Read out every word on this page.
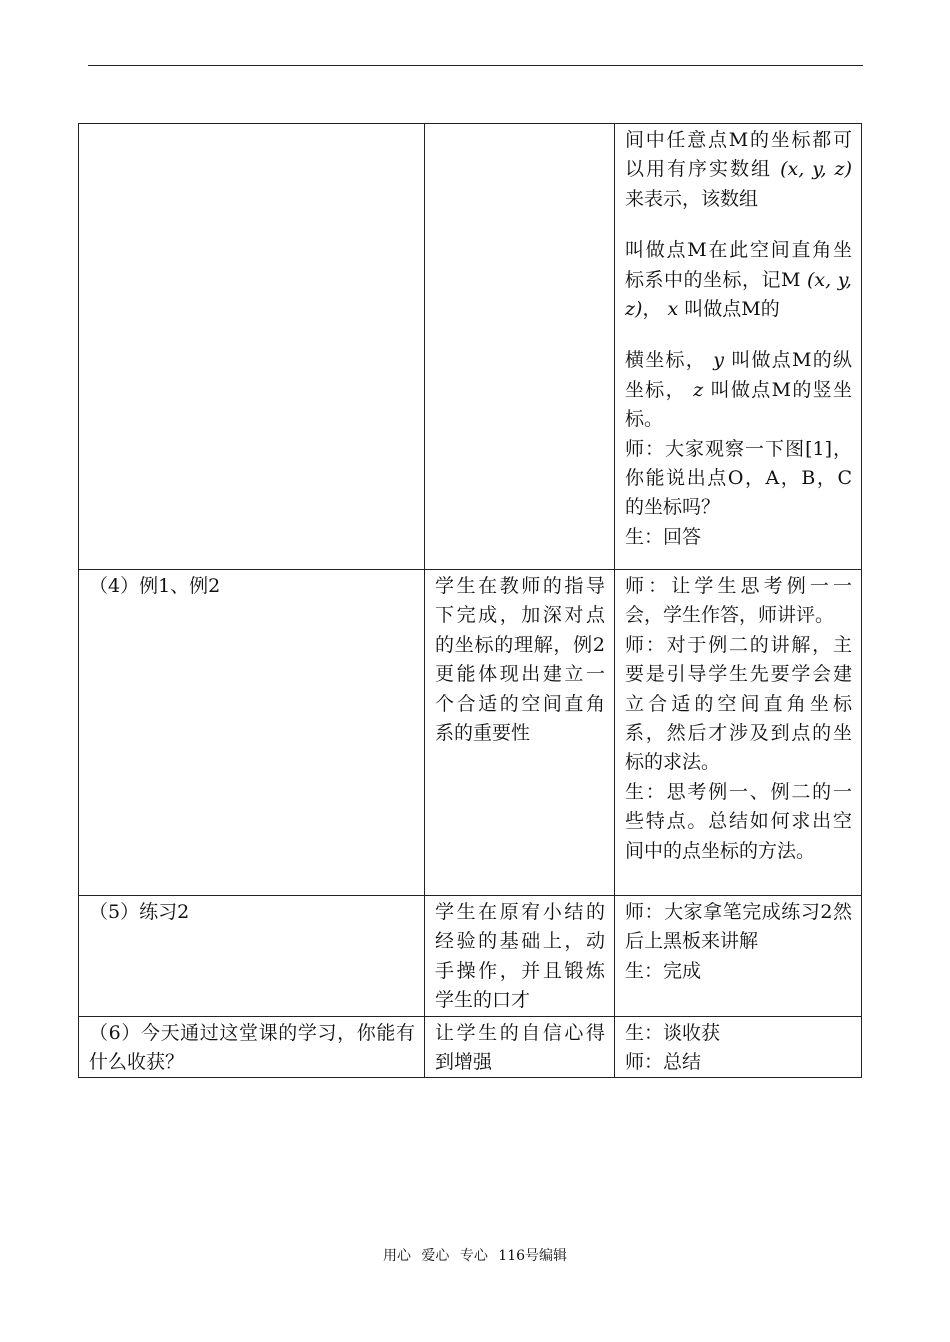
		间中任意点M的坐标都可以用有序实数组 (x, y, z) 来表示，该数组
叫做点M在此空间直角坐标系中的坐标，记M (x, y, z)， x 叫做点M的
横坐标， y 叫做点M的纵坐标， z 叫做点M的竖坐标。
师：大家观察一下图[1]，你能说出点O，A，B，C的坐标吗？
生：回答

（4）例1、例2	学生在教师的指导下完成，加深对点的坐标的理解，例2更能体现出建立一个合适的空间直角系的重要性	师：让学生思考例一一会，学生作答，师讲评。
师：对于例二的讲解，主要是引导学生先要学会建立合适的空间直角坐标系，然后才涉及到点的坐标的求法。
生：思考例一、例二的一些特点。总结如何求出空间中的点坐标的方法。

（5）练习2	学生在原宥小结的经验的基础上，动手操作，并且锻炼学生的口才	师：大家拿笔完成练习2然后上黑板来讲解
生：完成

（6）今天通过这堂课的学习，你能有什么收获？	让学生的自信心得到增强	生：谈收获
师：总结
用心 爱心 专心 116号编辑
